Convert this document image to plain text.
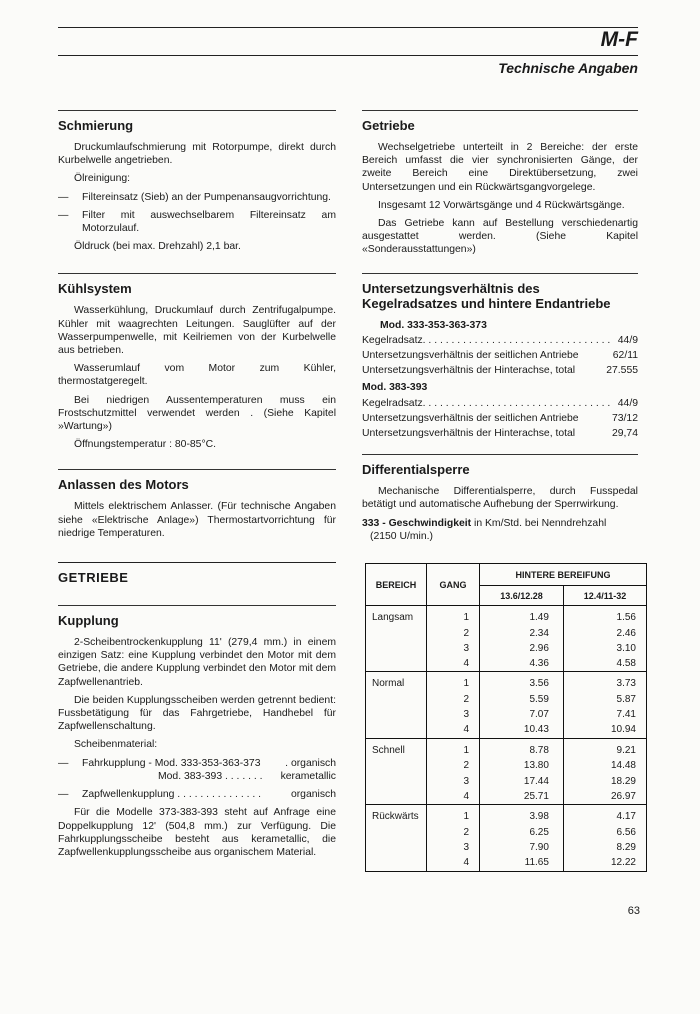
M-F
Technische Angaben
Schmierung

Druckumlaufschmierung mit Rotorpumpe, direkt durch Kurbelwelle angetrieben.

Ölreinigung:

—	Filtereinsatz (Sieb) an der Pumpenansaugvorrichtung.
—	Filter mit auswechselbarem Filtereinsatz am Motorzulauf.

Öldruck (bei max. Drehzahl) 2,1 bar.

Kühlsystem

Wasserkühlung, Druckumlauf durch Zentrifugalpumpe. Kühler mit waagrechten Leitungen. Sauglüfter auf der Wasserpumpenwelle, mit Keilriemen von der Kurbelwelle aus betrieben.

Wasserumlauf vom Motor zum Kühler, thermostatgeregelt.

Bei niedrigen Aussentemperaturen muss ein Frostschutzmittel verwendet werden . (Siehe Kapitel »Wartung»)

Öffnungstemperatur : 80-85°C.

Anlassen des Motors

Mittels elektrischem Anlasser. (Für technische Angaben siehe «Elektrische Anlage») Thermostartvorrichtung für niedrige Temperaturen.

GETRIEBE
Kupplung

2-Scheibentrockenkupplung 11' (279,4 mm.) in einem einzigen Satz: eine Kupplung verbindet den Motor mit dem Getriebe, die andere Kupplung verbindet den Motor mit dem Zapfwellenantrieb.

Die beiden Kupplungsscheiben werden getrennt bedient: Fussbetätigung für das Fahrgetriebe, Handhebel für Zapfwellenschaltung.

Scheibenmaterial:

—	Fahrkupplung - Mod. 333-353-363-373	. organisch
Mod. 383-393 . . . . . . .	kerametallic
—	Zapfwellenkupplung . . . . . . . . . . . . . . .	organisch

Für die Modelle 373-383-393 steht auf Anfrage eine Doppelkupplung 12' (504,8 mm.) zur Verfügung. Die Fahrkupplungsscheibe besteht aus kerametallic, die Zapfwellenkupplungsscheibe aus organischem Material.

Getriebe

Wechselgetriebe unterteilt in 2 Bereiche: der erste Bereich umfasst die vier synchronisierten Gänge, der zweite Bereich eine Direktübersetzung, zwei Untersetzungen und ein Rückwärtsgangvorgelege.

Insgesamt 12 Vorwärtsgänge und 4 Rückwärtsgänge.

Das Getriebe kann auf Bestellung verschiedenartig ausgestattet werden. (Siehe Kapitel «Sonderausstattungen»)

Untersetzungsverhältnis des Kegelradsatzes und hintere Endantriebe
Mod. 333-353-363-373
Kegelradsatz . . .	44/9
Untersetzungsverhältnis der seitlichen Antriebe	62/11
Untersetzungsverhältnis der Hinterachse, total	27.555
Mod. 383-393
Kegelradsatz . . .	44/9
Untersetzungsverhältnis der seitlichen Antriebe	73/12
Untersetzungsverhältnis der Hinterachse, total	29,74
Differentialsperre

Mechanische Differentialsperre, durch Fusspedal betätigt und automatische Aufhebung der Sperrwirkung.

333 - Geschwindigkeit in Km/Std. bei Nenndrehzahl

(2150 U/min.)

BEREICH	GANG	HINTERE BEREIFUNG	
		13.6/12.28	12.4/11-32
Langsam	1	1.49	1.56
	2	2.34	2.46
	3	2.96	3.10
	4	4.36	4.58
Normal	1	3.56	3.73
	2	5.59	5.87
	3	7.07	7.41
	4	10.43	10.94
Schnell	1	8.78	9.21
	2	13.80	14.48
	3	17.44	18.29
	4	25.71	26.97
Rückwärts	1	3.98	4.17
	2	6.25	6.56
	3	7.90	8.29
	4	11.65	12.22
63
